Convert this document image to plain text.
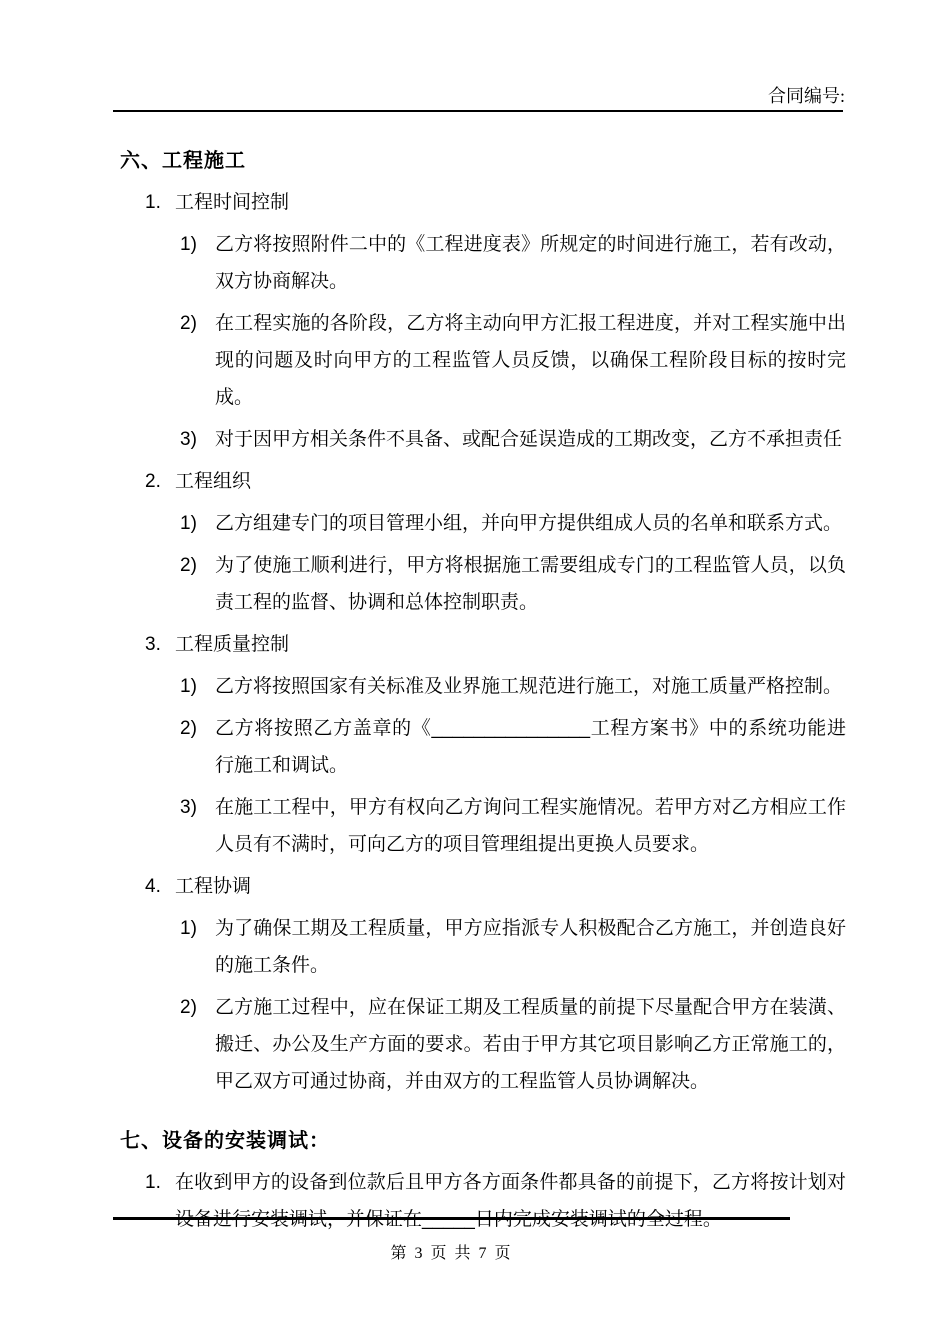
合同编号:
六、工程施工
1. 工程时间控制
1) 乙方将按照附件二中的《工程进度表》所规定的时间进行施工，若有改动，双方协商解决。
2) 在工程实施的各阶段，乙方将主动向甲方汇报工程进度，并对工程实施中出现的问题及时向甲方的工程监管人员反馈，以确保工程阶段目标的按时完成。
3) 对于因甲方相关条件不具备、或配合延误造成的工期改变，乙方不承担责任
2. 工程组织
1) 乙方组建专门的项目管理小组，并向甲方提供组成人员的名单和联系方式。
2) 为了使施工顺利进行，甲方将根据施工需要组成专门的工程监管人员，以负责工程的监督、协调和总体控制职责。
3. 工程质量控制
1) 乙方将按照国家有关标准及业界施工规范进行施工，对施工质量严格控制。
2) 乙方将按照乙方盖章的《_______________工程方案书》中的系统功能进行施工和调试。
3) 在施工工程中，甲方有权向乙方询问工程实施情况。若甲方对乙方相应工作人员有不满时，可向乙方的项目管理组提出更换人员要求。
4. 工程协调
1) 为了确保工期及工程质量，甲方应指派专人积极配合乙方施工，并创造良好的施工条件。
2) 乙方施工过程中，应在保证工期及工程质量的前提下尽量配合甲方在装潢、搬迁、办公及生产方面的要求。若由于甲方其它项目影响乙方正常施工的，甲乙双方可通过协商，并由双方的工程监管人员协调解决。
七、设备的安装调试：
1. 在收到甲方的设备到位款后且甲方各方面条件都具备的前提下，乙方将按计划对设备进行安装调试，并保证在_____日内完成安装调试的全过程。
第 3 页 共 7 页
